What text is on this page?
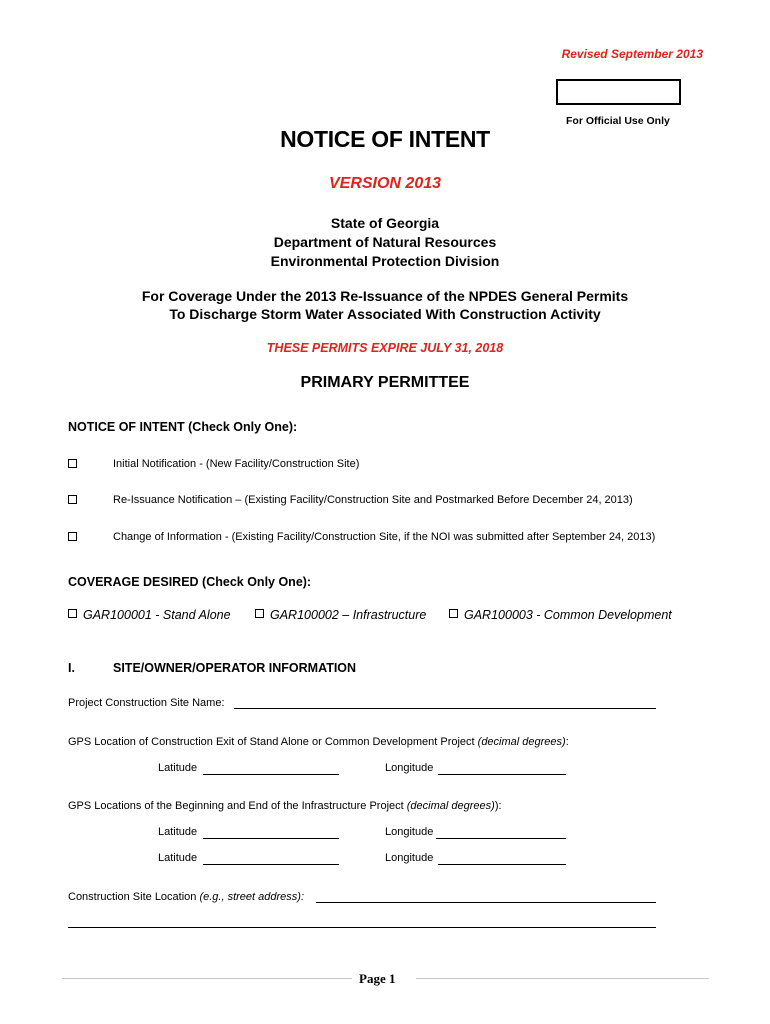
Revised September 2013
For Official Use Only
NOTICE OF INTENT
VERSION 2013
State of Georgia
Department of Natural Resources
Environmental Protection Division
For Coverage Under the 2013 Re-Issuance of the NPDES General Permits
To Discharge Storm Water Associated With Construction Activity
THESE PERMITS EXPIRE JULY 31, 2018
PRIMARY PERMITTEE
NOTICE OF INTENT (Check Only One):
Initial Notification - (New Facility/Construction Site)
Re-Issuance Notification – (Existing Facility/Construction Site and Postmarked Before December 24, 2013)
Change of Information - (Existing Facility/Construction Site, if the NOI was submitted after September 24, 2013)
COVERAGE DESIRED (Check Only One):
GAR100001 - Stand Alone	GAR100002 – Infrastructure	GAR100003 - Common Development
I.	SITE/OWNER/OPERATOR INFORMATION
Project Construction Site Name:
GPS Location of Construction Exit of Stand Alone or Common Development Project (decimal degrees):
Latitude	Longitude
GPS Locations of the Beginning and End of the Infrastructure Project (decimal degrees)):
Latitude	Longitude
Latitude	Longitude
Construction Site Location (e.g., street address):
Page 1
